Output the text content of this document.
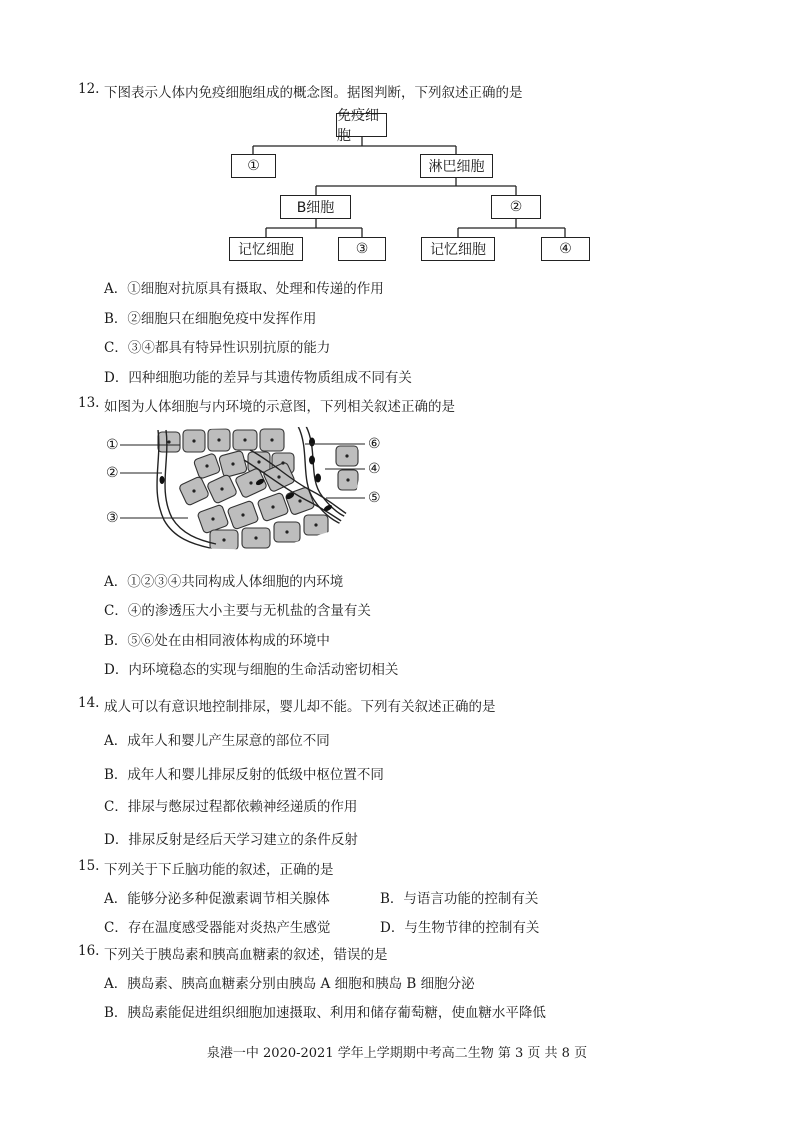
12. 下图表示人体内免疫细胞组成的概念图。据图判断，下列叙述正确的是
免疫细胞
①	淋巴细胞
B细胞	②
记忆细胞	③	记忆细胞	④
A．①细胞对抗原具有摄取、处理和传递的作用
B．②细胞只在细胞免疫中发挥作用
C．③④都具有特异性识别抗原的能力
D．四种细胞功能的差异与其遗传物质组成不同有关
13. 如图为人体细胞与内环境的示意图，下列相关叙述正确的是
①
②
③
④
⑤
⑥
A．①②③④共同构成人体细胞的内环境
C．④的渗透压大小主要与无机盐的含量有关
B．⑤⑥处在由相同液体构成的环境中
D．内环境稳态的实现与细胞的生命活动密切相关
14. 成人可以有意识地控制排尿，婴儿却不能。下列有关叙述正确的是
A．成年人和婴儿产生尿意的部位不同
B．成年人和婴儿排尿反射的低级中枢位置不同
C．排尿与憋尿过程都依赖神经递质的作用
D．排尿反射是经后天学习建立的条件反射
15. 下列关于下丘脑功能的叙述，正确的是
A．能够分泌多种促激素调节相关腺体	B．与语言功能的控制有关
C．存在温度感受器能对炎热产生感觉	D．与生物节律的控制有关
16. 下列关于胰岛素和胰高血糖素的叙述，错误的是
A．胰岛素、胰高血糖素分别由胰岛 A 细胞和胰岛 B 细胞分泌
B．胰岛素能促进组织细胞加速摄取、利用和储存葡萄糖，使血糖水平降低
泉港一中 2020-2021 学年上学期期中考高二生物 第 3 页 共 8 页
